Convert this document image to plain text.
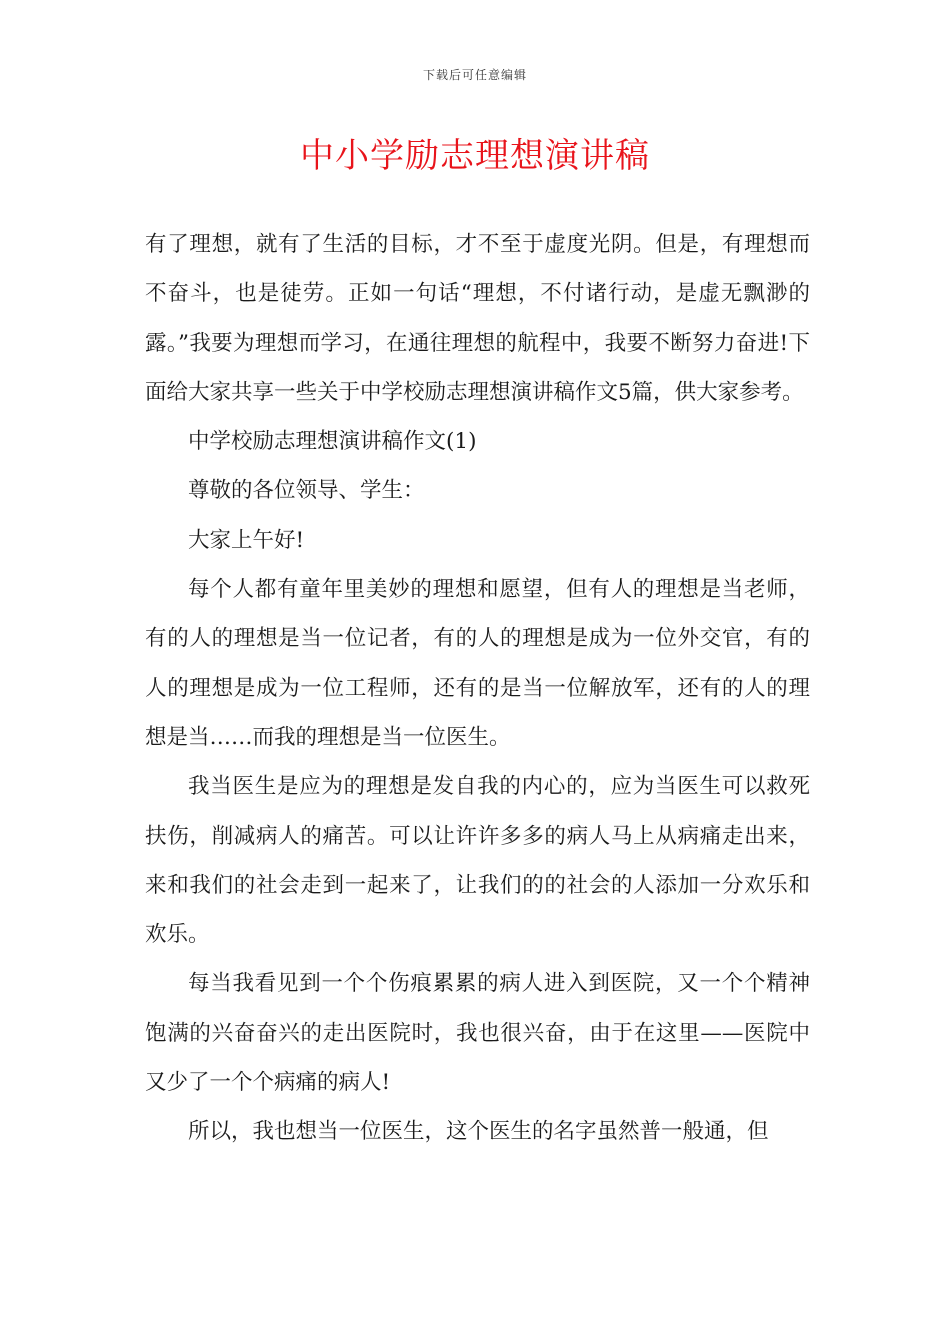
下载后可任意编辑
中小学励志理想演讲稿

有了理想，就有了生活的目标，才不至于虚度光阴。但是，有理想而不奋斗，也是徒劳。正如一句话“理想，不付诸行动，是虚无飘渺的露。”我要为理想而学习，在通往理想的航程中，我要不断努力奋进!下面给大家共享一些关于中学校励志理想演讲稿作文5篇，供大家参考。

中学校励志理想演讲稿作文(1)

尊敬的各位领导、学生：

大家上午好!

每个人都有童年里美妙的理想和愿望，但有人的理想是当老师，有的人的理想是当一位记者，有的人的理想是成为一位外交官，有的人的理想是成为一位工程师，还有的是当一位解放军，还有的人的理想是当……而我的理想是当一位医生。

我当医生是应为的理想是发自我的内心的，应为当医生可以救死扶伤，削减病人的痛苦。可以让许许多多的病人马上从病痛走出来，来和我们的社会走到一起来了，让我们的的社会的人添加一分欢乐和欢乐。

每当我看见到一个个伤痕累累的病人进入到医院，又一个个精神饱满的兴奋奋兴的走出医院时，我也很兴奋，由于在这里——医院中又少了一个个病痛的病人!

所以，我也想当一位医生，这个医生的名字虽然普一般通，但
